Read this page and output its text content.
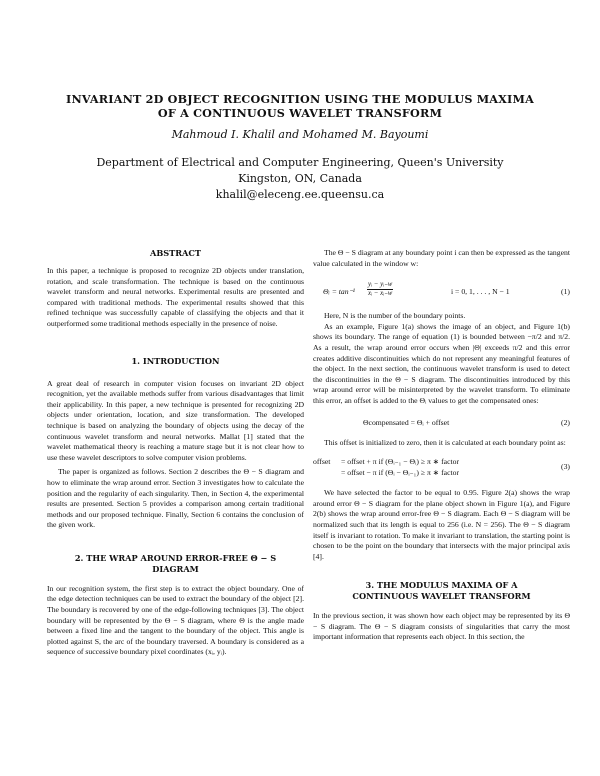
INVARIANT 2D OBJECT RECOGNITION USING THE MODULUS MAXIMA
OF A CONTINUOUS WAVELET TRANSFORM
Mahmoud I. Khalil and Mohamed M. Bayoumi
Department of Electrical and Computer Engineering, Queen's University
Kingston, ON, Canada
khalil@eleceng.ee.queensu.ca
ABSTRACT

In this paper, a technique is proposed to recognize 2D objects under translation, rotation, and scale transformation. The technique is based on the continuous wavelet transform and neural networks. Experimental results are presented and compared with traditional methods. The experimental results showed that this refined technique was successfully capable of classifying the objects and that it outperformed some traditional methods especially in the presence of noise.

1. INTRODUCTION

A great deal of research in computer vision focuses on invariant 2D object recognition, yet the available methods suffer from various disadvantages that limit their applicability. In this paper, a new technique is presented for recognizing 2D objects under orientation, location, and size transformation. The developed technique is based on analyzing the boundary of objects using the decay of the continuous wavelet transform and neural networks. Mallat [1] stated that the wavelet mathematical theory is reaching a mature stage but it is not clear how to use these wavelet descriptors to solve computer vision problems.

The paper is organized as follows. Section 2 describes the Θ − S diagram and how to eliminate the wrap around error. Section 3 investigates how to calculate the position and the regularity of each singularity. Then, in Section 4, the experimental results are presented. Section 5 provides a comparison among certain traditional methods and our proposed technique. Finally, Section 6 contains the conclusion of the given work.

2. THE WRAP AROUND ERROR-FREE Θ − S
DIAGRAM

In our recognition system, the first step is to extract the object boundary. One of the edge detection techniques can be used to extract the boundary of the object [2]. The boundary is recovered by one of the edge-following techniques [3]. The object boundary will be represented by the Θ − S diagram, where Θ is the angle made between a fixed line and the tangent to the boundary of the object. This angle is plotted against S, the arc of the boundary traversed. A boundary is considered as a sequence of successive boundary pixel coordinates (xᵢ, yᵢ).

The Θ − S diagram at any boundary point i can then be expressed as the tangent value calculated in the window w:

Θᵢ = $\tan^{-1} \frac{\text{yᵢ − yᵢ₋w}}{\text{xᵢ − xᵢ₋w}}$	i = 0, 1, . . . , N − 1	(1)

Here, N is the number of the boundary points.

As an example, Figure 1(a) shows the image of an object, and Figure 1(b) shows its boundary. The range of equation (1) is bounded between −π/2 and π/2. As a result, the wrap around error occurs when |Θ| exceeds π/2 and this error creates additive discontinuities which do not represent any meaningful features of the object. In the next section, the continuous wavelet transform is used to detect the discontinuities in the Θ − S diagram. The discontinuities introduced by this wrap around error will be misinterpreted by the wavelet transform. To eliminate this error, an offset is added to the Θᵢ values to get the compensated ones:

Θcompensated = Θᵢ + offset	(2)

This offset is initialized to zero, then it is calculated at each boundary point as:

offset = offset + π if (Θᵢ₋₁ − Θᵢ) ≥ π ∗ factor
= offset − π if (Θᵢ − Θᵢ₋₁) ≥ π ∗ factor
(3)

We have selected the factor to be equal to 0.95. Figure 2(a) shows the wrap around error Θ − S diagram for the plane object shown in Figure 1(a), and Figure 2(b) shows the wrap around error-free Θ − S diagram. Each Θ − S diagram will be normalized such that its length is equal to 256 (i.e. N = 256). The Θ − S diagram itself is invariant to rotation. To make it invariant to translation, the starting point is chosen to be the point on the boundary that intersects with the major principal axis [4].

3. THE MODULUS MAXIMA OF A
CONTINUOUS WAVELET TRANSFORM

In the previous section, it was shown how each object may be represented by its Θ − S diagram. The Θ − S diagram consists of singularities that carry the most important information that represents each object. In this section, the
